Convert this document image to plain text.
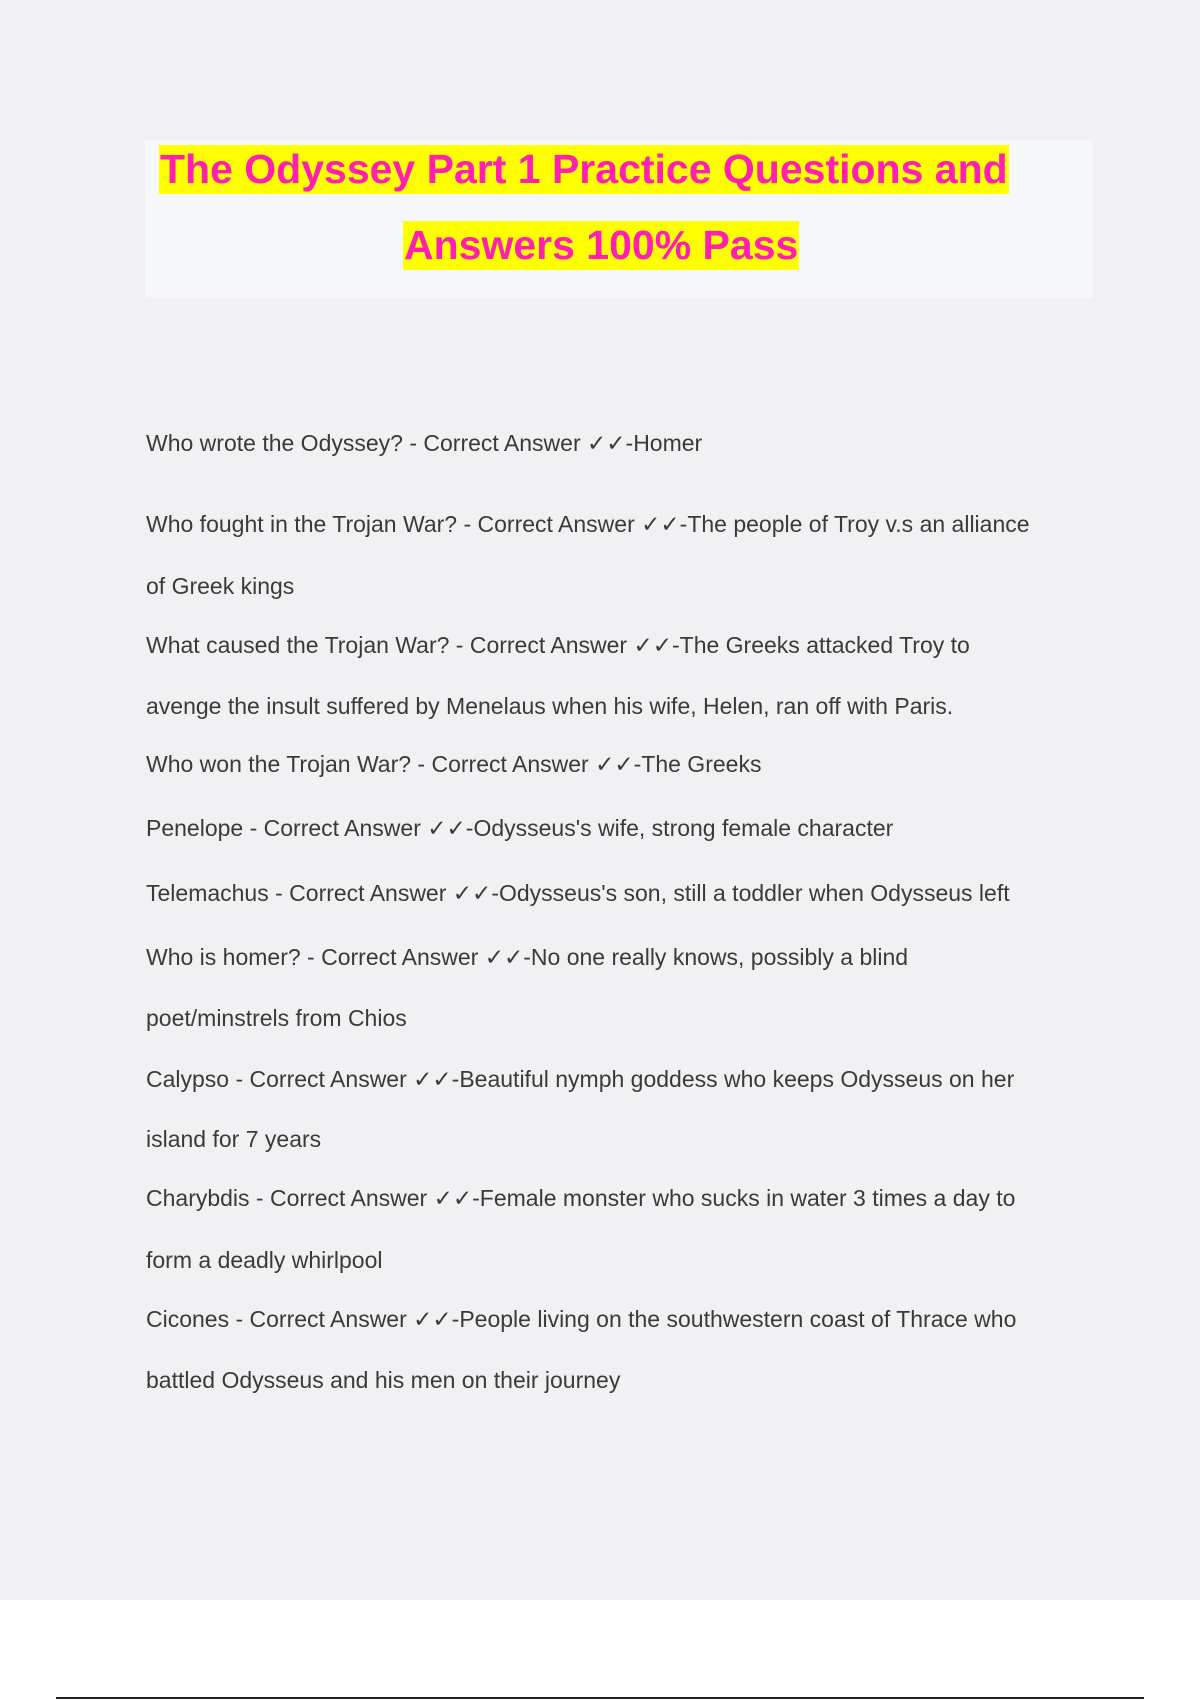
The Odyssey Part 1 Practice Questions and
Answers 100% Pass
Who wrote the Odyssey? - Correct Answer ✓✓-Homer
Who fought in the Trojan War? - Correct Answer ✓✓-The people of Troy v.s an alliance
of Greek kings
What caused the Trojan War? - Correct Answer ✓✓-The Greeks attacked Troy to
avenge the insult suffered by Menelaus when his wife, Helen, ran off with Paris.
Who won the Trojan War? - Correct Answer ✓✓-The Greeks
Penelope - Correct Answer ✓✓-Odysseus's wife, strong female character
Telemachus - Correct Answer ✓✓-Odysseus's son, still a toddler when Odysseus left
Who is homer? - Correct Answer ✓✓-No one really knows, possibly a blind
poet/minstrels from Chios
Calypso - Correct Answer ✓✓-Beautiful nymph goddess who keeps Odysseus on her
island for 7 years
Charybdis - Correct Answer ✓✓-Female monster who sucks in water 3 times a day to
form a deadly whirlpool
Cicones - Correct Answer ✓✓-People living on the southwestern coast of Thrace who
battled Odysseus and his men on their journey
